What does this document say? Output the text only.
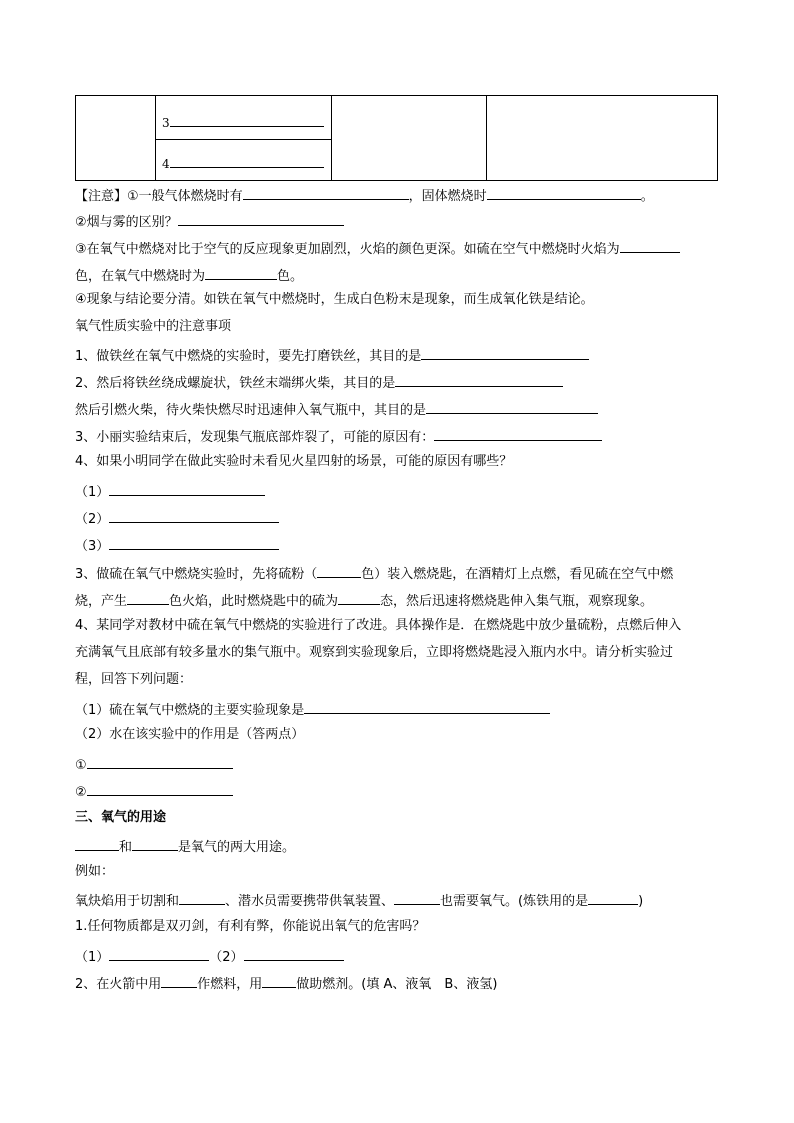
3
4
【注意】①一般气体燃烧时有	，固体燃烧时	。
②烟与雾的区别？
③在氧气中燃烧对比于空气的反应现象更加剧烈，火焰的颜色更深。如硫在空气中燃烧时火焰为
色，在氧气中燃烧时为	色。
④现象与结论要分清。如铁在氧气中燃烧时，生成白色粉末是现象，而生成氧化铁是结论。
氧气性质实验中的注意事项
1、做铁丝在氧气中燃烧的实验时，要先打磨铁丝，其目的是
2、然后将铁丝绕成螺旋状，铁丝末端绑火柴，其目的是
然后引燃火柴，待火柴快燃尽时迅速伸入氧气瓶中，其目的是
3、小丽实验结束后，发现集气瓶底部炸裂了，可能的原因有：
4、如果小明同学在做此实验时未看见火星四射的场景，可能的原因有哪些？
（1）
（2）
（3）
3、做硫在氧气中燃烧实验时，先将硫粉（	色）装入燃烧匙，在酒精灯上点燃，看见硫在空气中燃
烧，产生	色火焰，此时燃烧匙中的硫为	态，然后迅速将燃烧匙伸入集气瓶，观察现象。
4、某同学对教材中硫在氧气中燃烧的实验进行了改进。具体操作是．在燃烧匙中放少量硫粉，点燃后伸入
充满氧气且底部有较多量水的集气瓶中。观察到实验现象后，立即将燃烧匙浸入瓶内水中。请分析实验过
程，回答下列问题：
（1）硫在氧气中燃烧的主要实验现象是
（2）水在该实验中的作用是（答两点）
①
②
三、氧气的用途
和	是氧气的两大用途。
例如：
氧炔焰用于切割和	、潜水员需要携带供氧装置、	也需要氧气。(炼铁用的是	)
1.任何物质都是双刃剑，有利有弊，你能说出氧气的危害吗？
（1）	（2）
2、在火箭中用	作燃料，用	做助燃剂。(填 A、液氧　B、液氢)
